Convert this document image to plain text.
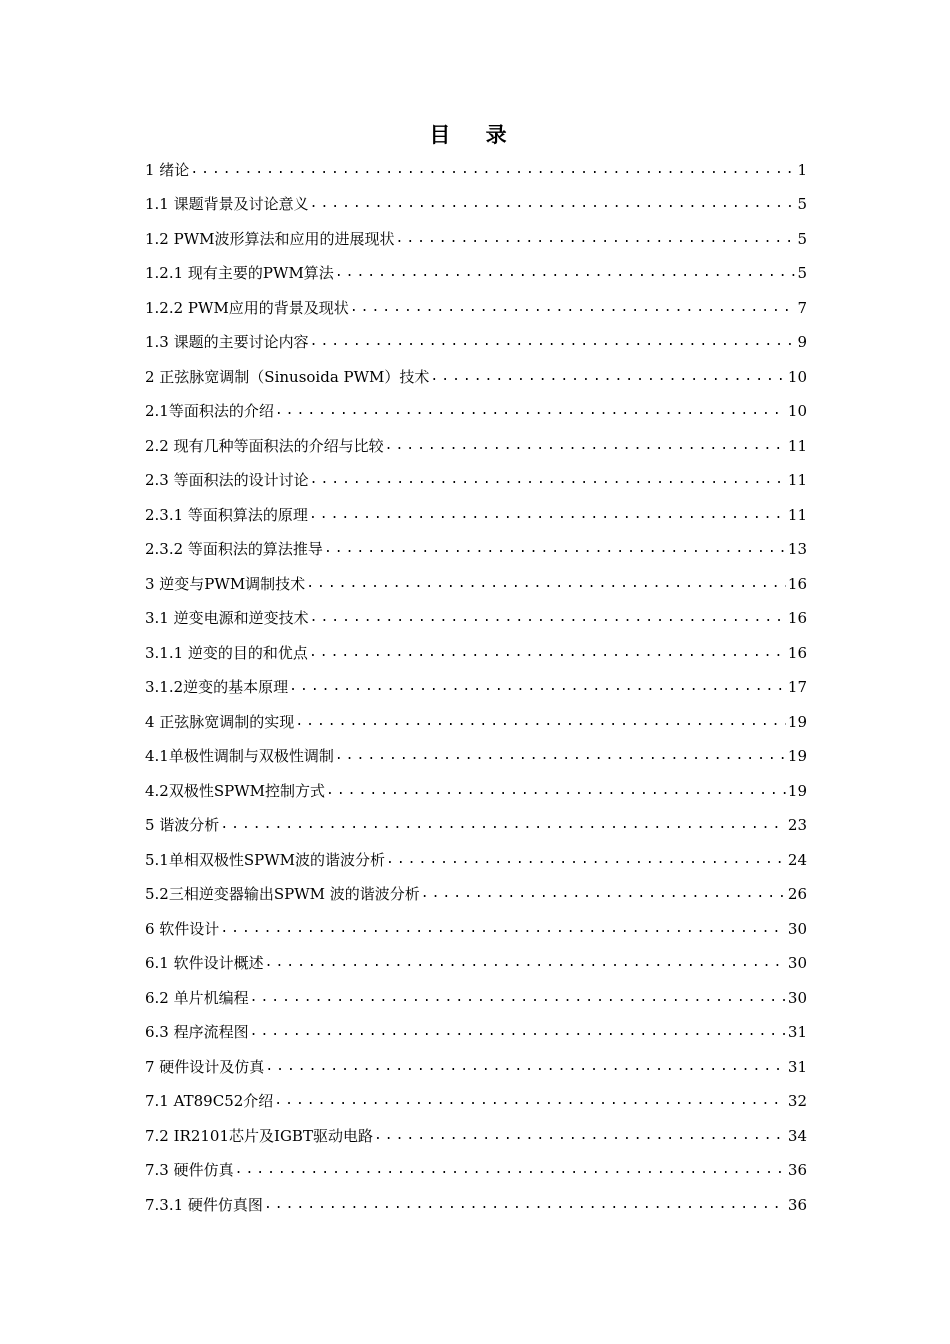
目 录
1 绪论 .....	1
1.1 课题背景及讨论意义 .....	5
1.2 PWM波形算法和应用的进展现状 .....	5
1.2.1 现有主要的PWM算法 .....	5
1.2.2 PWM应用的背景及现状 .....	7
1.3 课题的主要讨论内容 .....	9
2 正弦脉宽调制（Sinusoida PWM）技术 .....	10
2.1等面积法的介绍 .....	10
2.2 现有几种等面积法的介绍与比较 .....	11
2.3 等面积法的设计讨论 .....	11
2.3.1 等面积算法的原理 .....	11
2.3.2 等面积法的算法推导 .....	13
3 逆变与PWM调制技术 .....	16
3.1 逆变电源和逆变技术 .....	16
3.1.1 逆变的目的和优点 .....	16
3.1.2逆变的基本原理 .....	17
4 正弦脉宽调制的实现 .....	19
4.1单极性调制与双极性调制 .....	19
4.2双极性SPWM控制方式 .....	19
5 谐波分析 .....	23
5.1单相双极性SPWM波的谐波分析 .....	24
5.2三相逆变器输出SPWM 波的谐波分析 .....	26
6 软件设计 .....	30
6.1 软件设计概述 .....	30
6.2 单片机编程 .....	30
6.3 程序流程图 .....	31
7 硬件设计及仿真 .....	31
7.1 AT89C52介绍 .....	32
7.2 IR2101芯片及IGBT驱动电路 .....	34
7.3 硬件仿真 .....	36
7.3.1 硬件仿真图 .....	36
